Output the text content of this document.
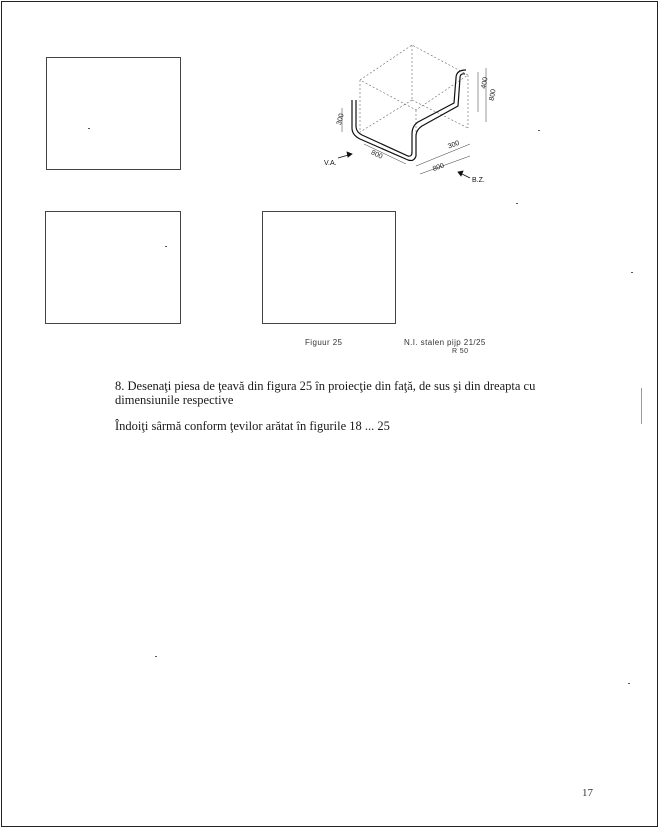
300
800
300
800
400
800
V.A.
B.Z.
Figuur 25	N.I. stalen pijp 21/25
R 50
8. Desenaţi piesa de ţeavă din figura 25 în proiecţie din faţă, de sus şi din dreapta cu dimensiunile respective
Îndoiţi sârmă conform ţevilor arătat în figurile 18 ... 25
17
